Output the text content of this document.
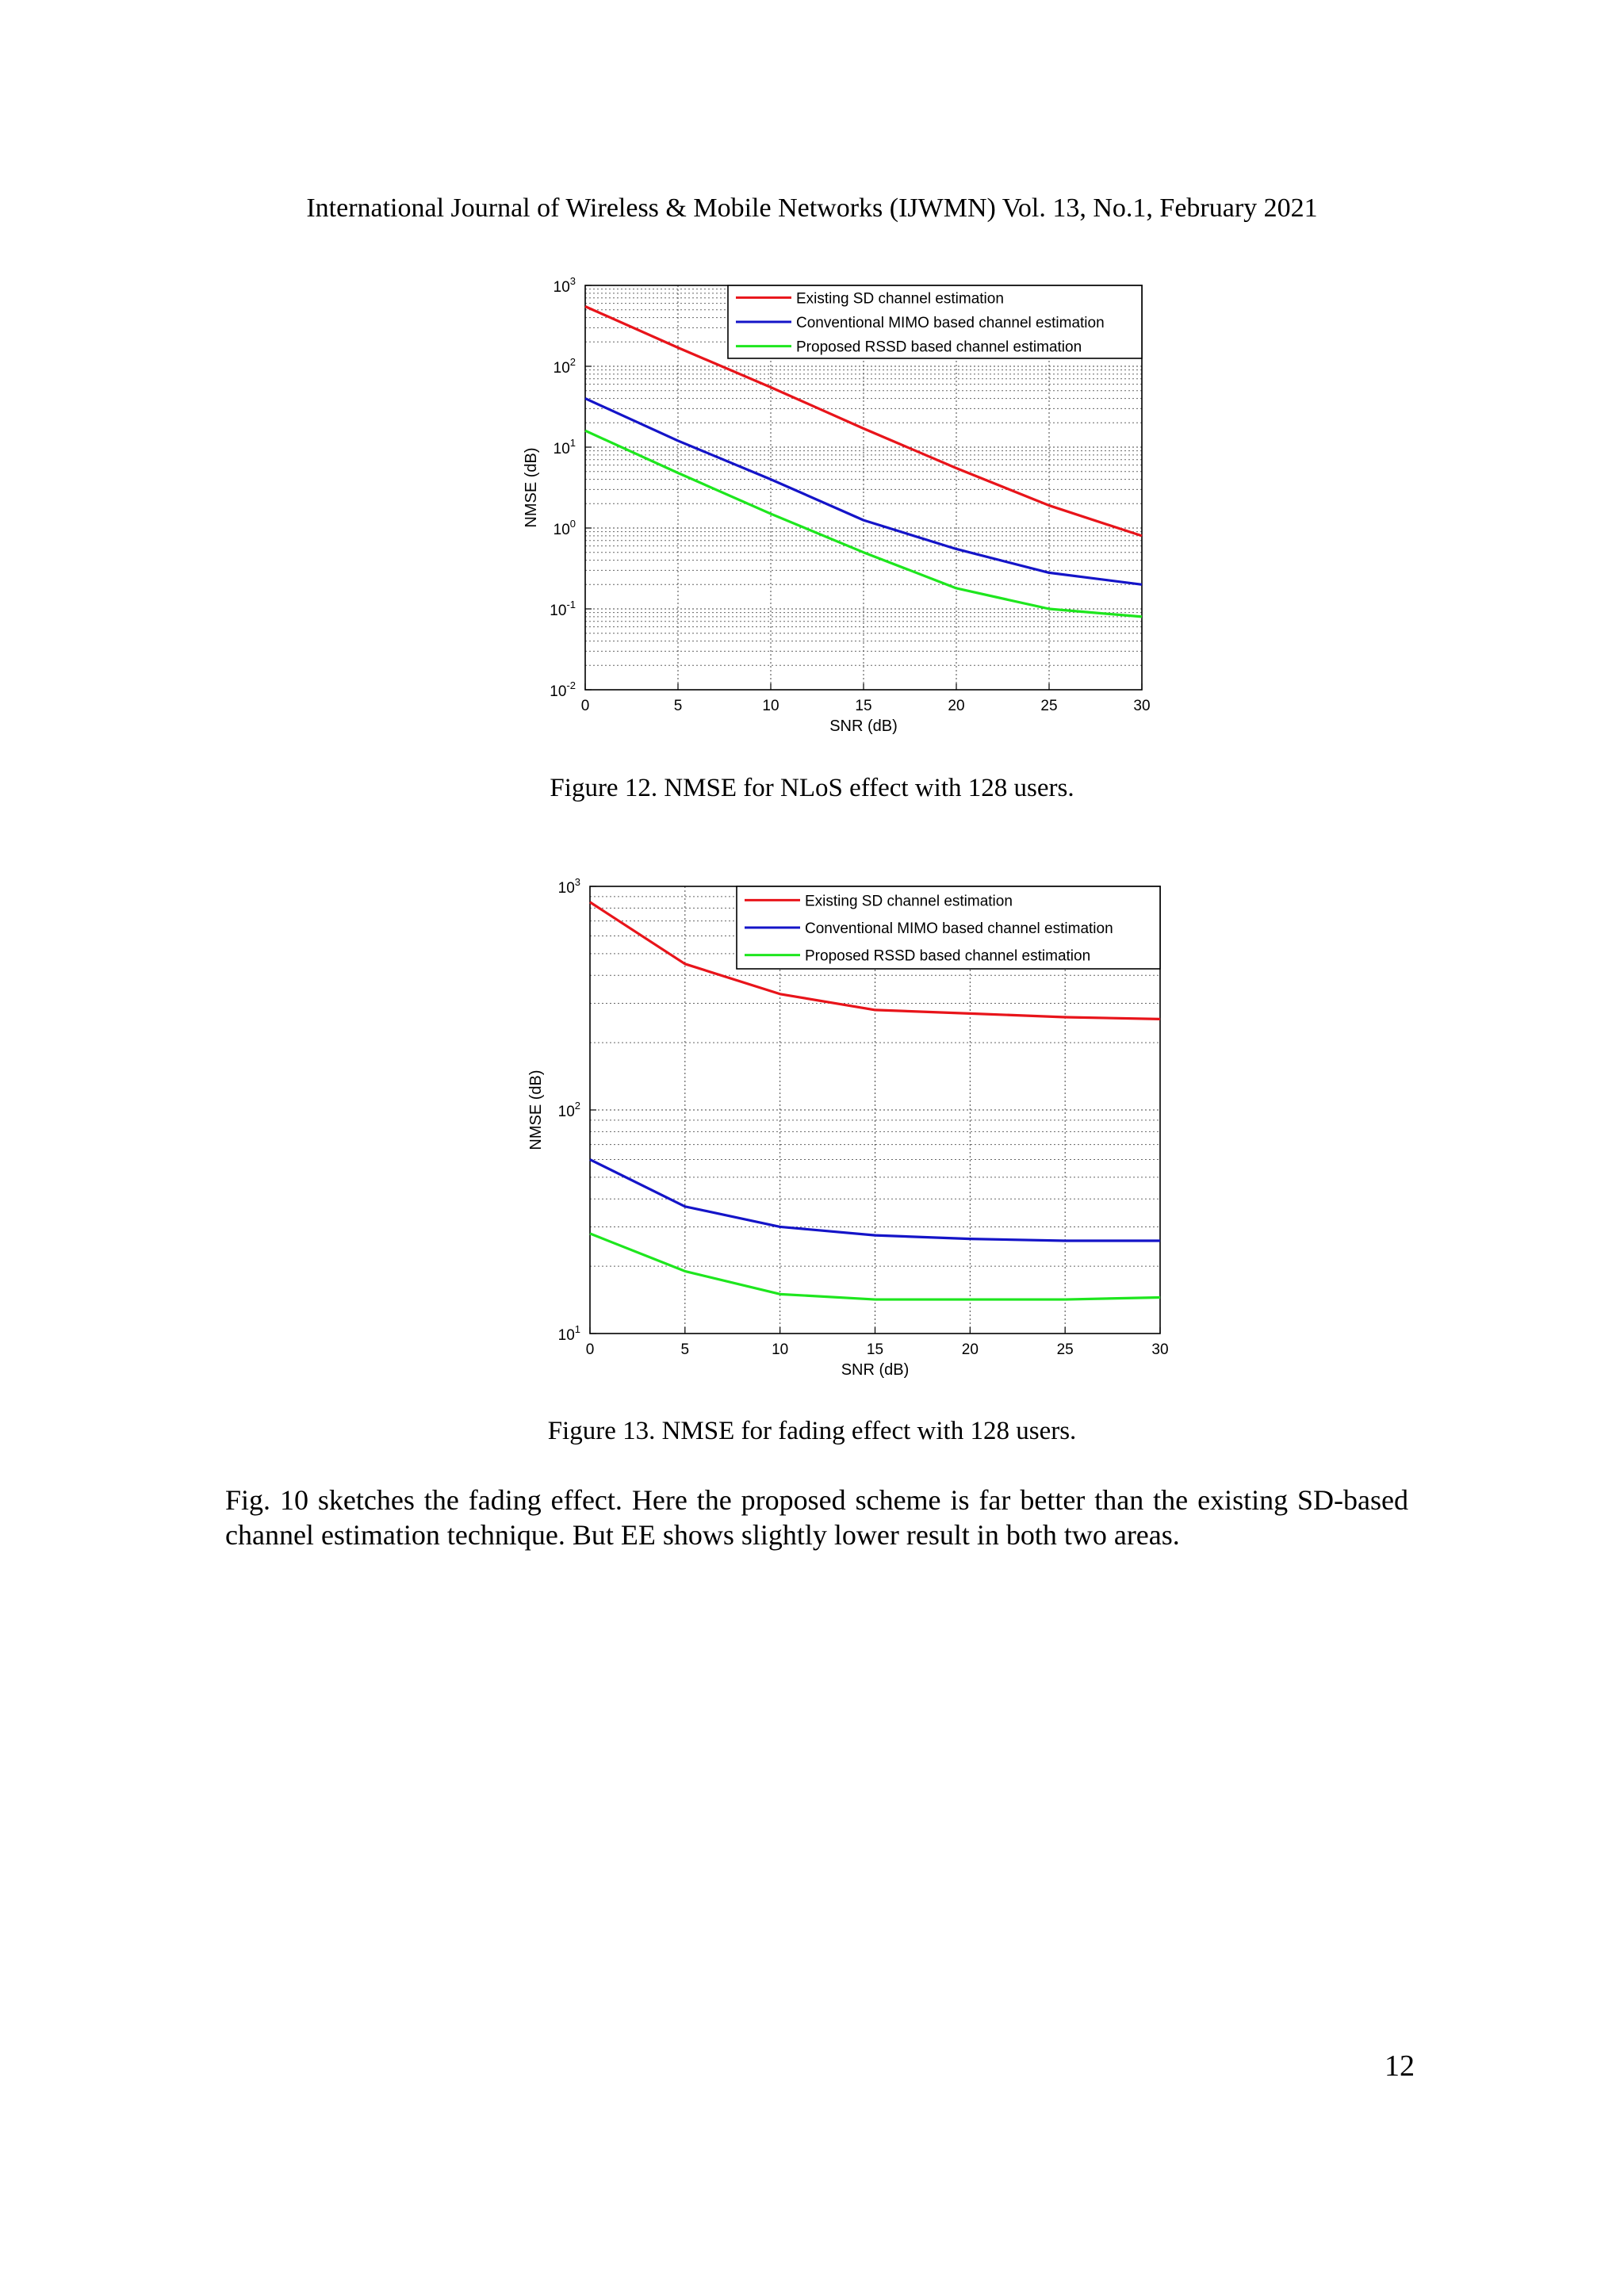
International Journal of Wireless & Mobile Networks (IJWMN) Vol. 13, No.1, February 2021
0	5	10	15	20	25	30
$10^{-2}$
$10^{-1}$
$10^0$
$10^1$
$10^2$
$10^3$
SNR (dB)
NMSE (dB)
Existing SD channel estimation
Conventional MIMO based channel estimation
Proposed RSSD based channel estimation
Figure 12. NMSE for NLoS effect with 128 users.
0	5	10	15	20	25	30
$10^1$
$10^2$
$10^3$
SNR (dB)
NMSE (dB)
Existing SD channel estimation
Conventional MIMO based channel estimation
Proposed RSSD based channel estimation
Figure 13. NMSE for fading effect with 128 users.
Fig. 10 sketches the fading effect. Here the proposed scheme is far better than the existing SD-based channel estimation technique. But EE shows slightly lower result in both two areas.
12
